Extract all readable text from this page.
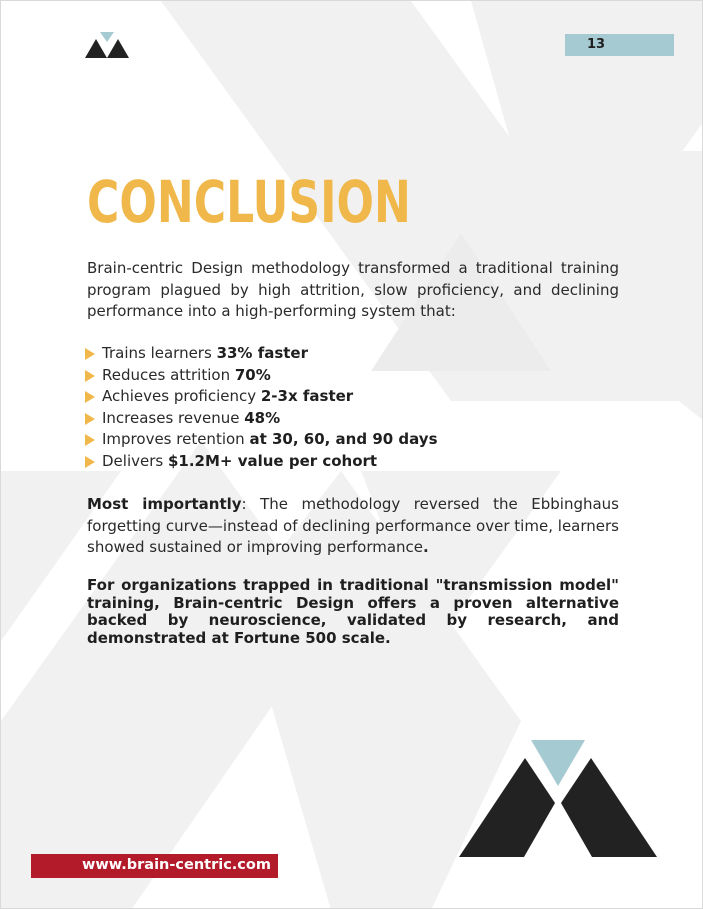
13
CONCLUSION

Brain-centric Design methodology transformed a traditional training program plagued by high attrition, slow proficiency, and declining performance into a high-performing system that:

Trains learners 33% faster
Reduces attrition 70%
Achieves proficiency 2-3x faster
Increases revenue 48%
Improves retention at 30, 60, and 90 days
Delivers $1.2M+ value per cohort

Most importantly: The methodology reversed the Ebbinghaus forgetting curve—instead of declining performance over time, learners showed sustained or improving performance.

For organizations trapped in traditional "transmission model" training, Brain-centric Design offers a proven alternative backed by neuroscience, validated by research, and demonstrated at Fortune 500 scale.

www.brain-centric.com
